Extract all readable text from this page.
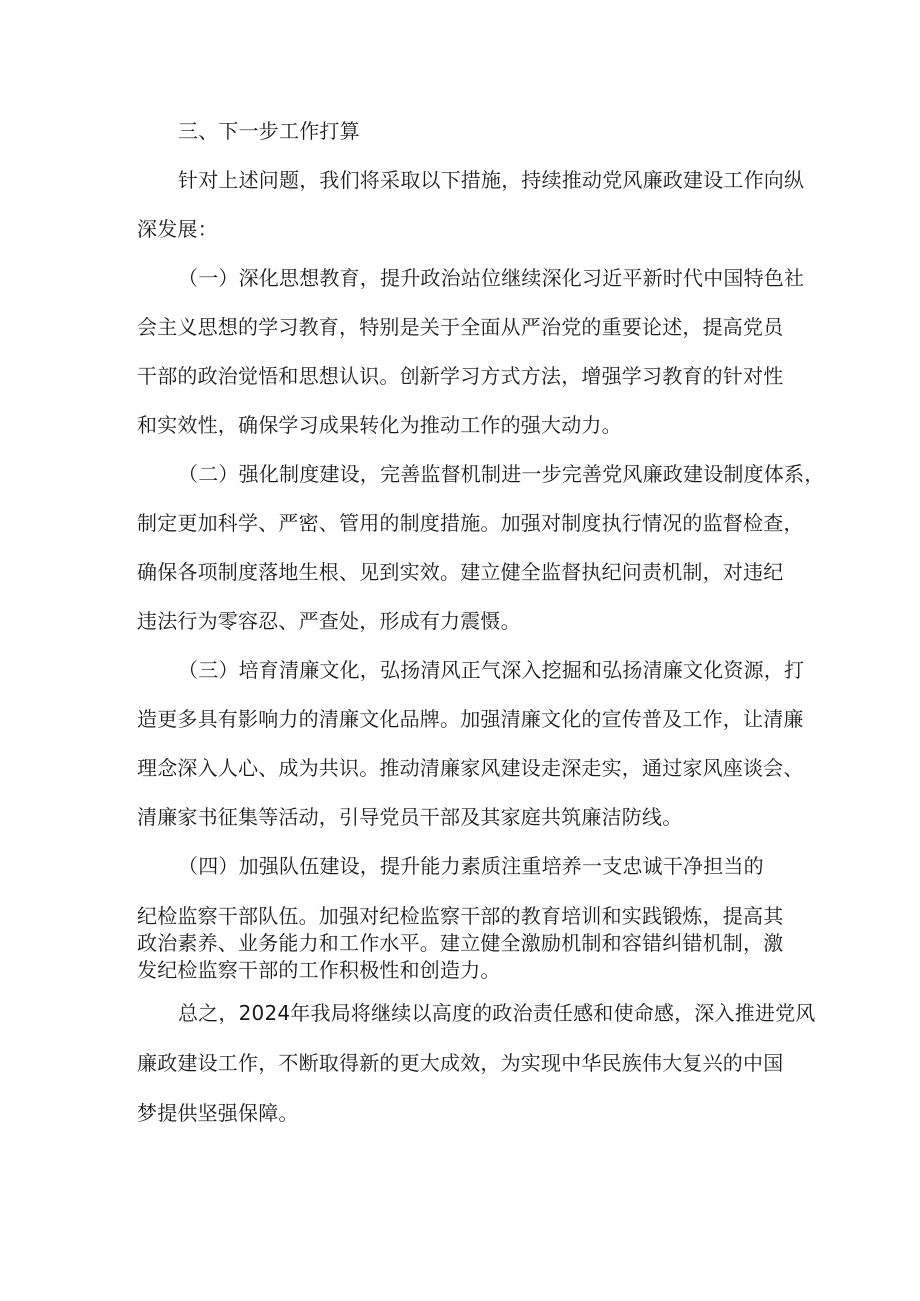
三、下一步工作打算
针对上述问题，我们将采取以下措施，持续推动党风廉政建设工作向纵
深发展：
（一）深化思想教育，提升政治站位继续深化习近平新时代中国特色社
会主义思想的学习教育，特别是关于全面从严治党的重要论述，提高党员
干部的政治觉悟和思想认识。创新学习方式方法，增强学习教育的针对性
和实效性，确保学习成果转化为推动工作的强大动力。
（二）强化制度建设，完善监督机制进一步完善党风廉政建设制度体系，
制定更加科学、严密、管用的制度措施。加强对制度执行情况的监督检查，
确保各项制度落地生根、见到实效。建立健全监督执纪问责机制，对违纪
违法行为零容忍、严查处，形成有力震慑。
（三）培育清廉文化，弘扬清风正气深入挖掘和弘扬清廉文化资源，打
造更多具有影响力的清廉文化品牌。加强清廉文化的宣传普及工作，让清廉
理念深入人心、成为共识。推动清廉家风建设走深走实，通过家风座谈会、
清廉家书征集等活动，引导党员干部及其家庭共筑廉洁防线。
（四）加强队伍建设，提升能力素质注重培养一支忠诚干净担当的
纪检监察干部队伍。加强对纪检监察干部的教育培训和实践锻炼，提高其
政治素养、业务能力和工作水平。建立健全激励机制和容错纠错机制，激
发纪检监察干部的工作积极性和创造力。
总之，2024年我局将继续以高度的政治责任感和使命感，深入推进党风
廉政建设工作，不断取得新的更大成效，为实现中华民族伟大复兴的中国
梦提供坚强保障。
